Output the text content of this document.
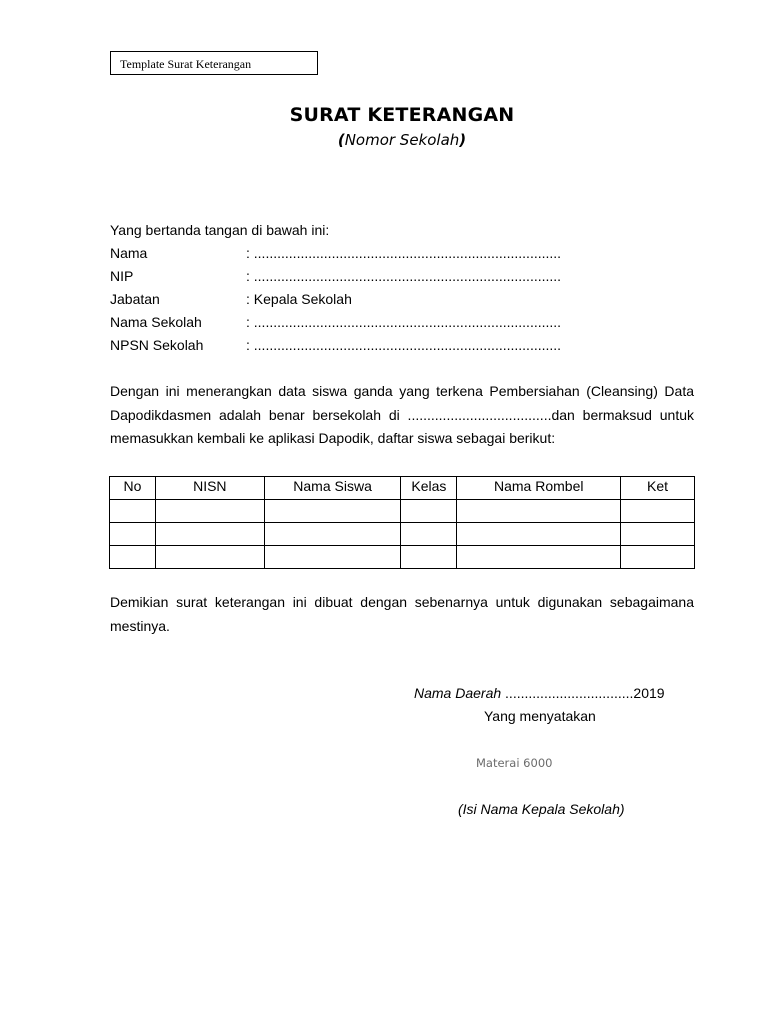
Template Surat Keterangan
SURAT KETERANGAN
(Nomor Sekolah)
Yang bertanda tangan di bawah ini:
Nama	: ...............................................................................
NIP	: ...............................................................................
Jabatan	: Kepala Sekolah
Nama Sekolah	: ...............................................................................
NPSN Sekolah	: ...............................................................................
Dengan ini menerangkan data siswa ganda yang terkena Pembersiahan (Cleansing) Data
Dapodikdasmen adalah benar bersekolah di .....................................dan bermaksud untuk
memasukkan kembali ke aplikasi Dapodik, daftar siswa sebagai berikut:
No	NISN	Nama Siswa	Kelas	Nama Rombel	Ket

Demikian surat keterangan ini dibuat dengan sebenarnya untuk digunakan sebagaimana
mestinya.
Nama Daerah .................................2019
Yang menyatakan
Materai 6000
(Isi Nama Kepala Sekolah)
